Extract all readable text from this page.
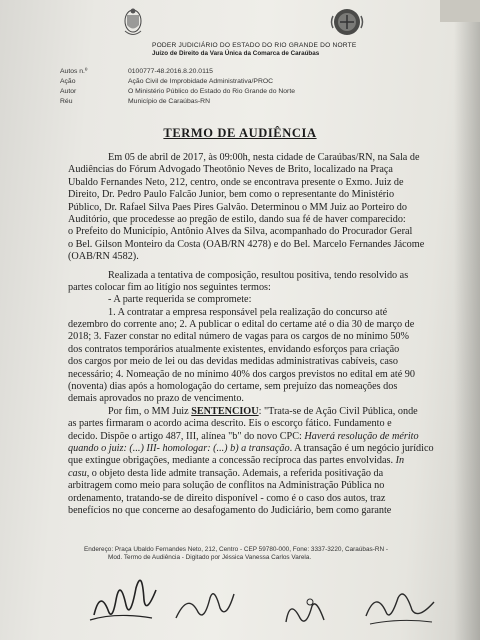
PODER JUDICIÁRIO DO ESTADO DO RIO GRANDE DO NORTE
Juízo de Direito da Vara Única da Comarca de Caraúbas
Autos n.º	0100777-48.2016.8.20.0115
Ação	Ação Civil de Improbidade Administrativa/PROC
Autor	O Ministério Público do Estado do Rio Grande do Norte
Réu	Município de Caraúbas-RN
TERMO DE AUDIÊNCIA
Em 05 de abril de 2017, às 09:00h, nesta cidade de Caraúbas/RN, na Sala de
Audiências do Fórum Advogado Theotônio Neves de Brito, localizado na Praça
Ubaldo Fernandes Neto, 212, centro, onde se encontrava presente o Exmo. Juiz de
Direito, Dr. Pedro Paulo Falcão Junior, bem como o representante do Ministério
Público, Dr. Rafael Silva Paes Pires Galvão. Determinou o MM Juiz ao Porteiro do
Auditório, que procedesse ao pregão de estilo, dando sua fé de haver comparecido:
o Prefeito do Município, Antônio Alves da Silva, acompanhado do Procurador Geral
o Bel. Gilson Monteiro da Costa (OAB/RN 4278) e do Bel. Marcelo Fernandes Jácome
(OAB/RN 4582).
Realizada a tentativa de composição, resultou positiva, tendo resolvido as
partes colocar fim ao litígio nos seguintes termos:
- A parte requerida se compromete:
1. A contratar a empresa responsável pela realização do concurso até
dezembro do corrente ano; 2. A publicar o edital do certame até o dia 30 de março de
2018; 3. Fazer constar no edital número de vagas para os cargos de no mínimo 50%
dos contratos temporários atualmente existentes, envidando esforços para criação
dos cargos por meio de lei ou das devidas medidas administrativas cabíveis, caso
necessário; 4. Nomeação de no mínimo 40% dos cargos previstos no edital em até 90
(noventa) dias após a homologação do certame, sem prejuízo das nomeações dos
demais aprovados no prazo de vencimento.
Por fim, o MM Juiz SENTENCIOU: "Trata-se de Ação Civil Pública, onde
as partes firmaram o acordo acima descrito. Eis o escorço fático. Fundamento e
decido. Dispõe o artigo 487, III, alínea "b" do novo CPC: Haverá resolução de mérito
quando o juiz: (...) III- homologar: (...) b) a transação. A transação é um negócio jurídico
que extingue obrigações, mediante a concessão recíproca das partes envolvidas. In
casu, o objeto desta lide admite transação. Ademais, a referida positivação da
arbitragem como meio para solução de conflitos na Administração Pública no
ordenamento, tratando-se de direito disponível - como é o caso dos autos, traz
benefícios no que concerne ao desafogamento do Judiciário, bem como garante
Endereço: Praça Ubaldo Fernandes Neto, 212, Centro - CEP 59780-000, Fone: 3337-3220, Caraúbas-RN -
Mod. Termo de Audiência - Digitado por Jéssica Vanessa Carlos Varela.
